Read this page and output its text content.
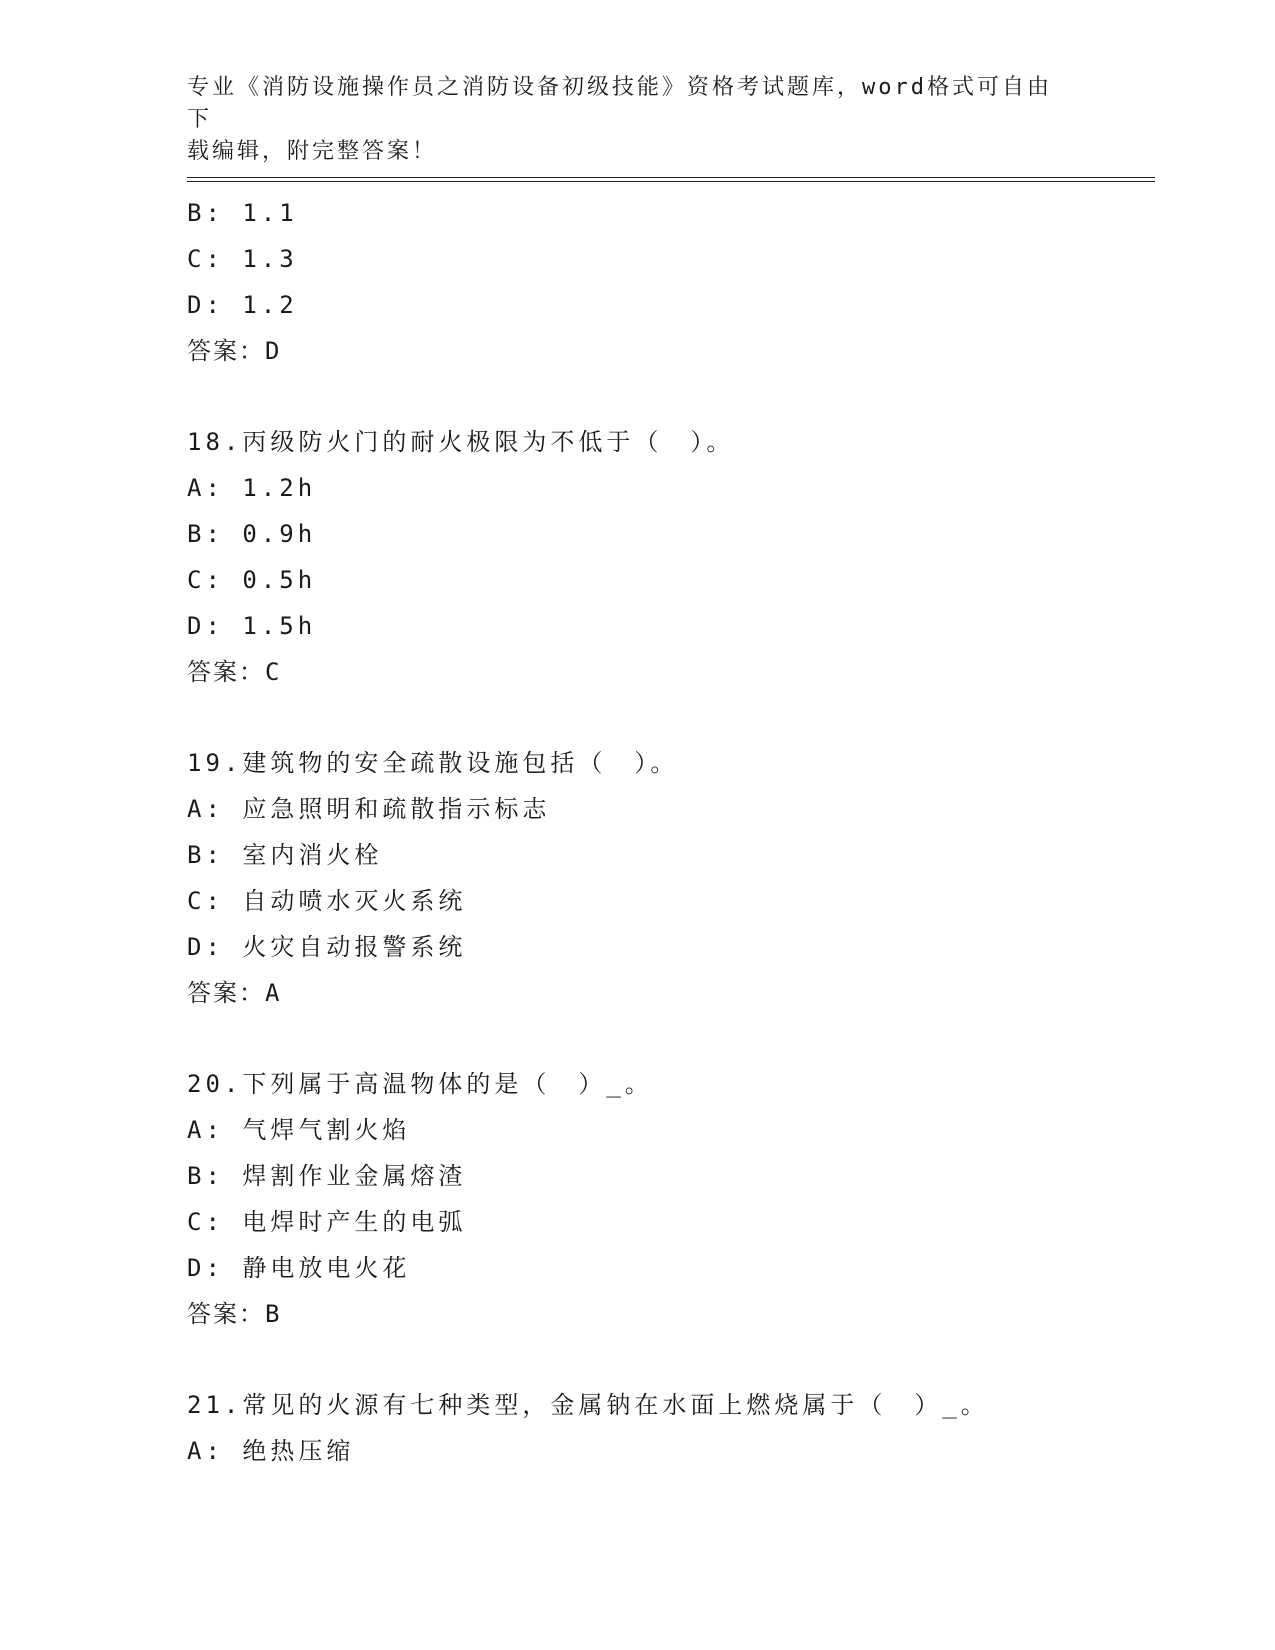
专业《消防设施操作员之消防设备初级技能》资格考试题库，word格式可自由下
载编辑，附完整答案！
B: 1.1
C: 1.3
D: 1.2
答案：D
18.丙级防火门的耐火极限为不低于（　）。
A: 1.2h
B: 0.9h
C: 0.5h
D: 1.5h
答案：C
19.建筑物的安全疏散设施包括（　）。
A: 应急照明和疏散指示标志
B: 室内消火栓
C: 自动喷水灭火系统
D: 火灾自动报警系统
答案：A
20.下列属于高温物体的是（　）_。
A: 气焊气割火焰
B: 焊割作业金属熔渣
C: 电焊时产生的电弧
D: 静电放电火花
答案：B
21.常见的火源有七种类型，金属钠在水面上燃烧属于（　）_。
A: 绝热压缩
